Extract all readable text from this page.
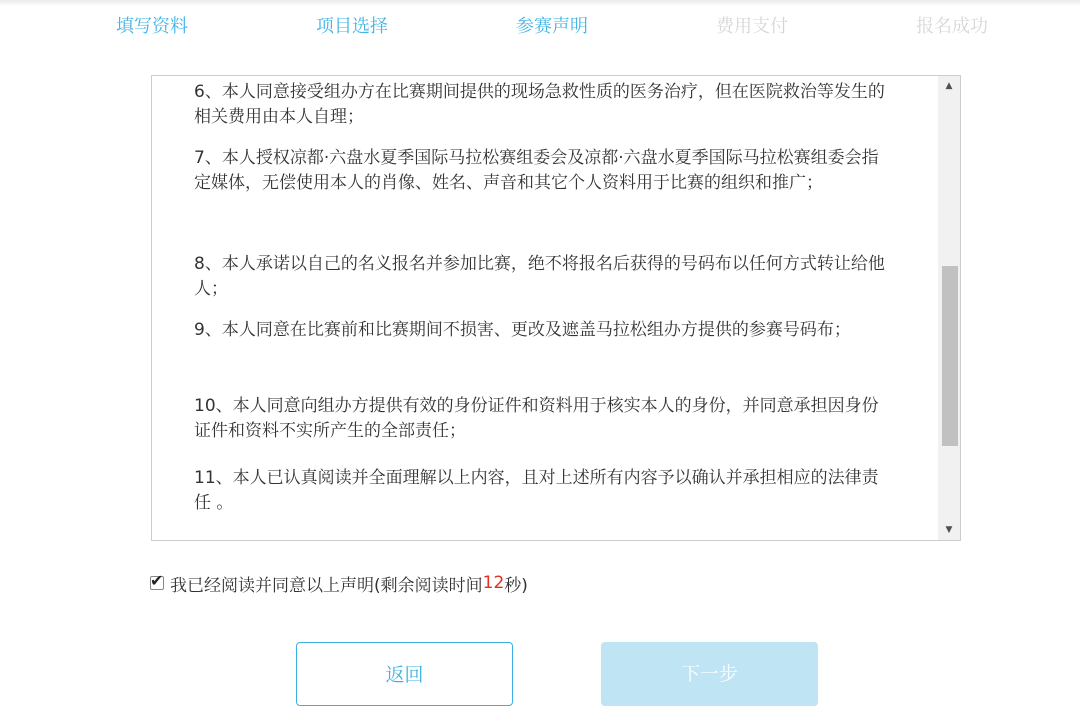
填写资料	项目选择	参赛声明	费用支付	报名成功
6、本人同意接受组办方在比赛期间提供的现场急救性质的医务治疗，但在医院救治等发生的相关费用由本人自理；
7、本人授权凉都·六盘水夏季国际马拉松赛组委会及凉都·六盘水夏季国际马拉松赛组委会指定媒体，无偿使用本人的肖像、姓名、声音和其它个人资料用于比赛的组织和推广；
8、本人承诺以自己的名义报名并参加比赛，绝不将报名后获得的号码布以任何方式转让给他人；
9、本人同意在比赛前和比赛期间不损害、更改及遮盖马拉松组办方提供的参赛号码布；
10、本人同意向组办方提供有效的身份证件和资料用于核实本人的身份，并同意承担因身份证件和资料不实所产生的全部责任；
11、本人已认真阅读并全面理解以上内容，且对上述所有内容予以确认并承担相应的法律责任 。
▲
▼
✔ 我已经阅读并同意以上声明(剩余阅读时间 12 秒)
返回	下一步
